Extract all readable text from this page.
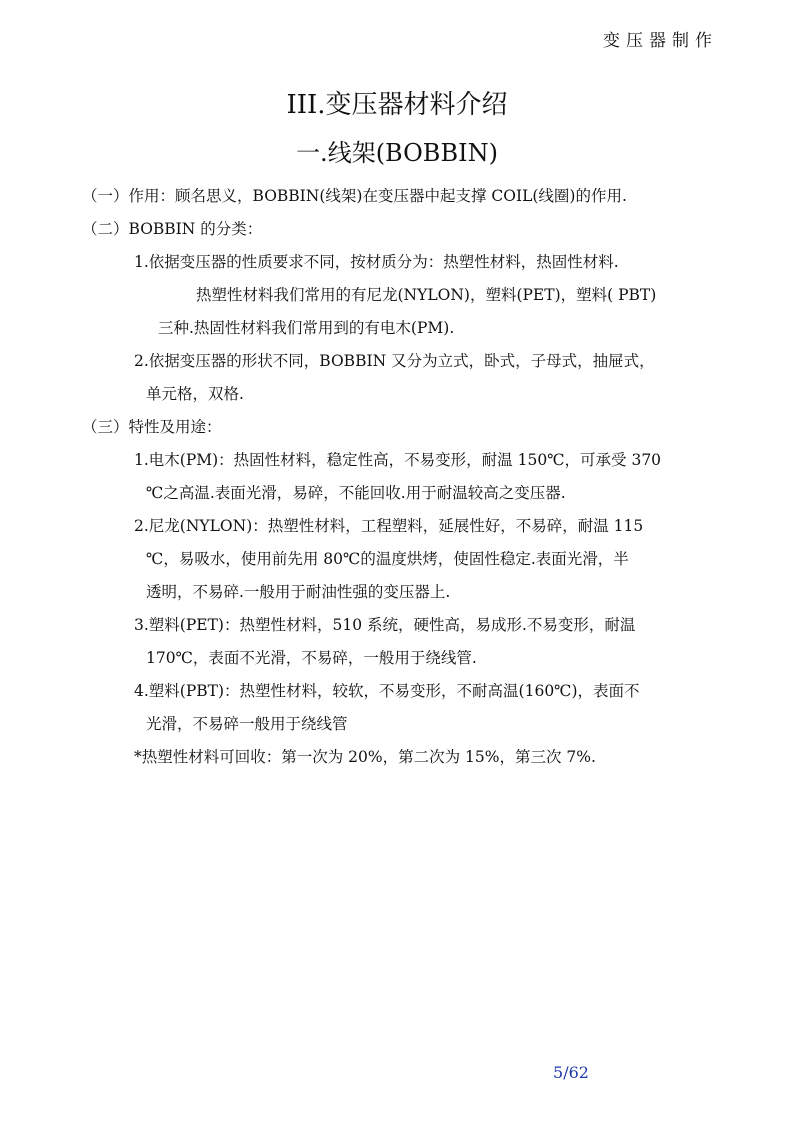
变压器制作
III.变压器材料介绍
一.线架(BOBBIN)

（一）作用：顾名思义，BOBBIN(线架)在变压器中起支撑 COIL(线圈)的作用.

（二）BOBBIN 的分类：

1.依据变压器的性质要求不同，按材质分为：热塑性材料，热固性材料.
热塑性材料我们常用的有尼龙(NYLON)，塑料(PET)，塑料( PBT)
三种.热固性材料我们常用到的有电木(PM).
2.依据变压器的形状不同，BOBBIN 又分为立式，卧式，子母式，抽屉式，
单元格，双格.

（三）特性及用途：

1.电木(PM)：热固性材料，稳定性高，不易变形，耐温 150℃，可承受 370
℃之高温.表面光滑，易碎，不能回收.用于耐温较高之变压器.
2.尼龙(NYLON)：热塑性材料，工程塑料，延展性好，不易碎，耐温 115
℃，易吸水，使用前先用 80℃的温度烘烤，使固性稳定.表面光滑，半
透明，不易碎.一般用于耐油性强的变压器上.
3.塑料(PET)：热塑性材料，510 系统，硬性高，易成形.不易变形，耐温
170℃，表面不光滑，不易碎，一般用于绕线管.
4.塑料(PBT)：热塑性材料，较软，不易变形，不耐高温(160℃)，表面不
光滑，不易碎一般用于绕线管

*热塑性材料可回收：第一次为 20%，第二次为 15%，第三次 7%.

5/62
